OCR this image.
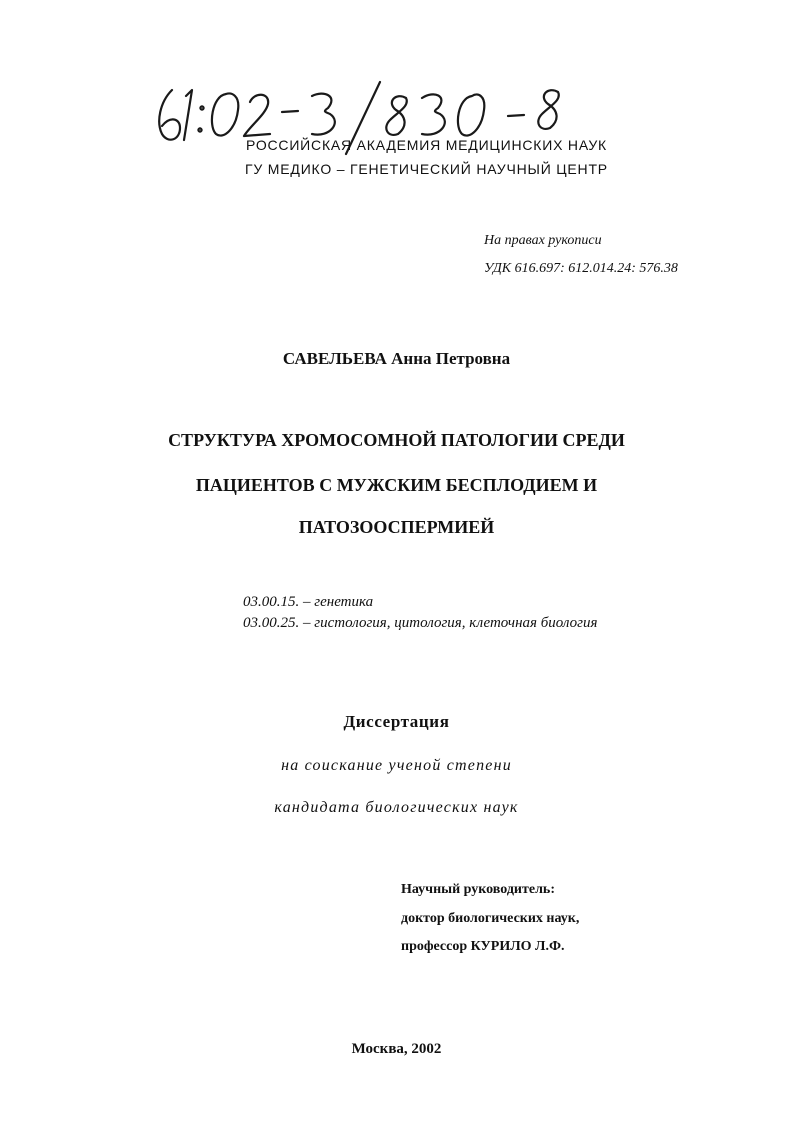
РОССИЙСКАЯ АКАДЕМИЯ МЕДИЦИНСКИХ НАУК
ГУ МЕДИКО – ГЕНЕТИЧЕСКИЙ НАУЧНЫЙ ЦЕНТР
На правах рукописи
УДК 616.697: 612.014.24: 576.38
САВЕЛЬЕВА Анна Петровна
СТРУКТУРА ХРОМОСОМНОЙ ПАТОЛОГИИ СРЕДИ
ПАЦИЕНТОВ С МУЖСКИМ БЕСПЛОДИЕМ И
ПАТОЗООСПЕРМИЕЙ
03.00.15. – генетика
03.00.25. – гистология, цитология, клеточная биология
Диссертация
на соискание ученой степени
кандидата биологических наук
Научный руководитель:
доктор биологических наук,
профессор КУРИЛО Л.Ф.
Москва, 2002
